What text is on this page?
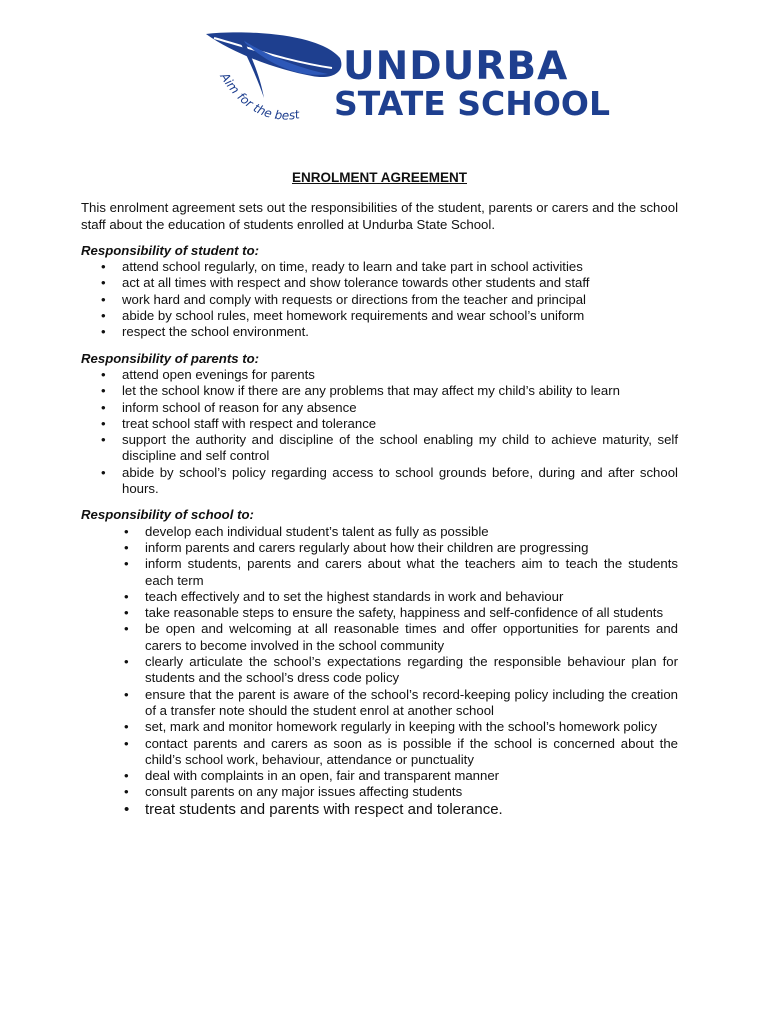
Aim for the best
UNDURBA
STATE SCHOOL
ENROLMENT AGREEMENT

This enrolment agreement sets out the responsibilities of the student, parents or carers and the school staff about the education of students enrolled at Undurba State School.

Responsibility of student to:

• attend school regularly, on time, ready to learn and take part in school activities
• act at all times with respect and show tolerance towards other students and staff
• work hard and comply with requests or directions from the teacher and principal
• abide by school rules, meet homework requirements and wear school’s uniform
• respect the school environment.

Responsibility of parents to:

• attend open evenings for parents
• let the school know if there are any problems that may affect my child’s ability to learn
• inform school of reason for any absence
• treat school staff with respect and tolerance
• support the authority and discipline of the school enabling my child to achieve maturity, self discipline and self control
• abide by school’s policy regarding access to school grounds before, during and after school hours.

Responsibility of school to:

• develop each individual student’s talent as fully as possible
• inform parents and carers regularly about how their children are progressing
• inform students, parents and carers about what the teachers aim to teach the students each term
• teach effectively and to set the highest standards in work and behaviour
• take reasonable steps to ensure the safety, happiness and self-confidence of all students
• be open and welcoming at all reasonable times and offer opportunities for parents and carers to become involved in the school community
• clearly articulate the school’s expectations regarding the responsible behaviour plan for students and the school’s dress code policy
• ensure that the parent is aware of the school’s record-keeping policy including the creation of a transfer note should the student enrol at another school
• set, mark and monitor homework regularly in keeping with the school’s homework policy
• contact parents and carers as soon as is possible if the school is concerned about the child’s school work, behaviour, attendance or punctuality
• deal with complaints in an open, fair and transparent manner
• consult parents on any major issues affecting students
• treat students and parents with respect and tolerance.
